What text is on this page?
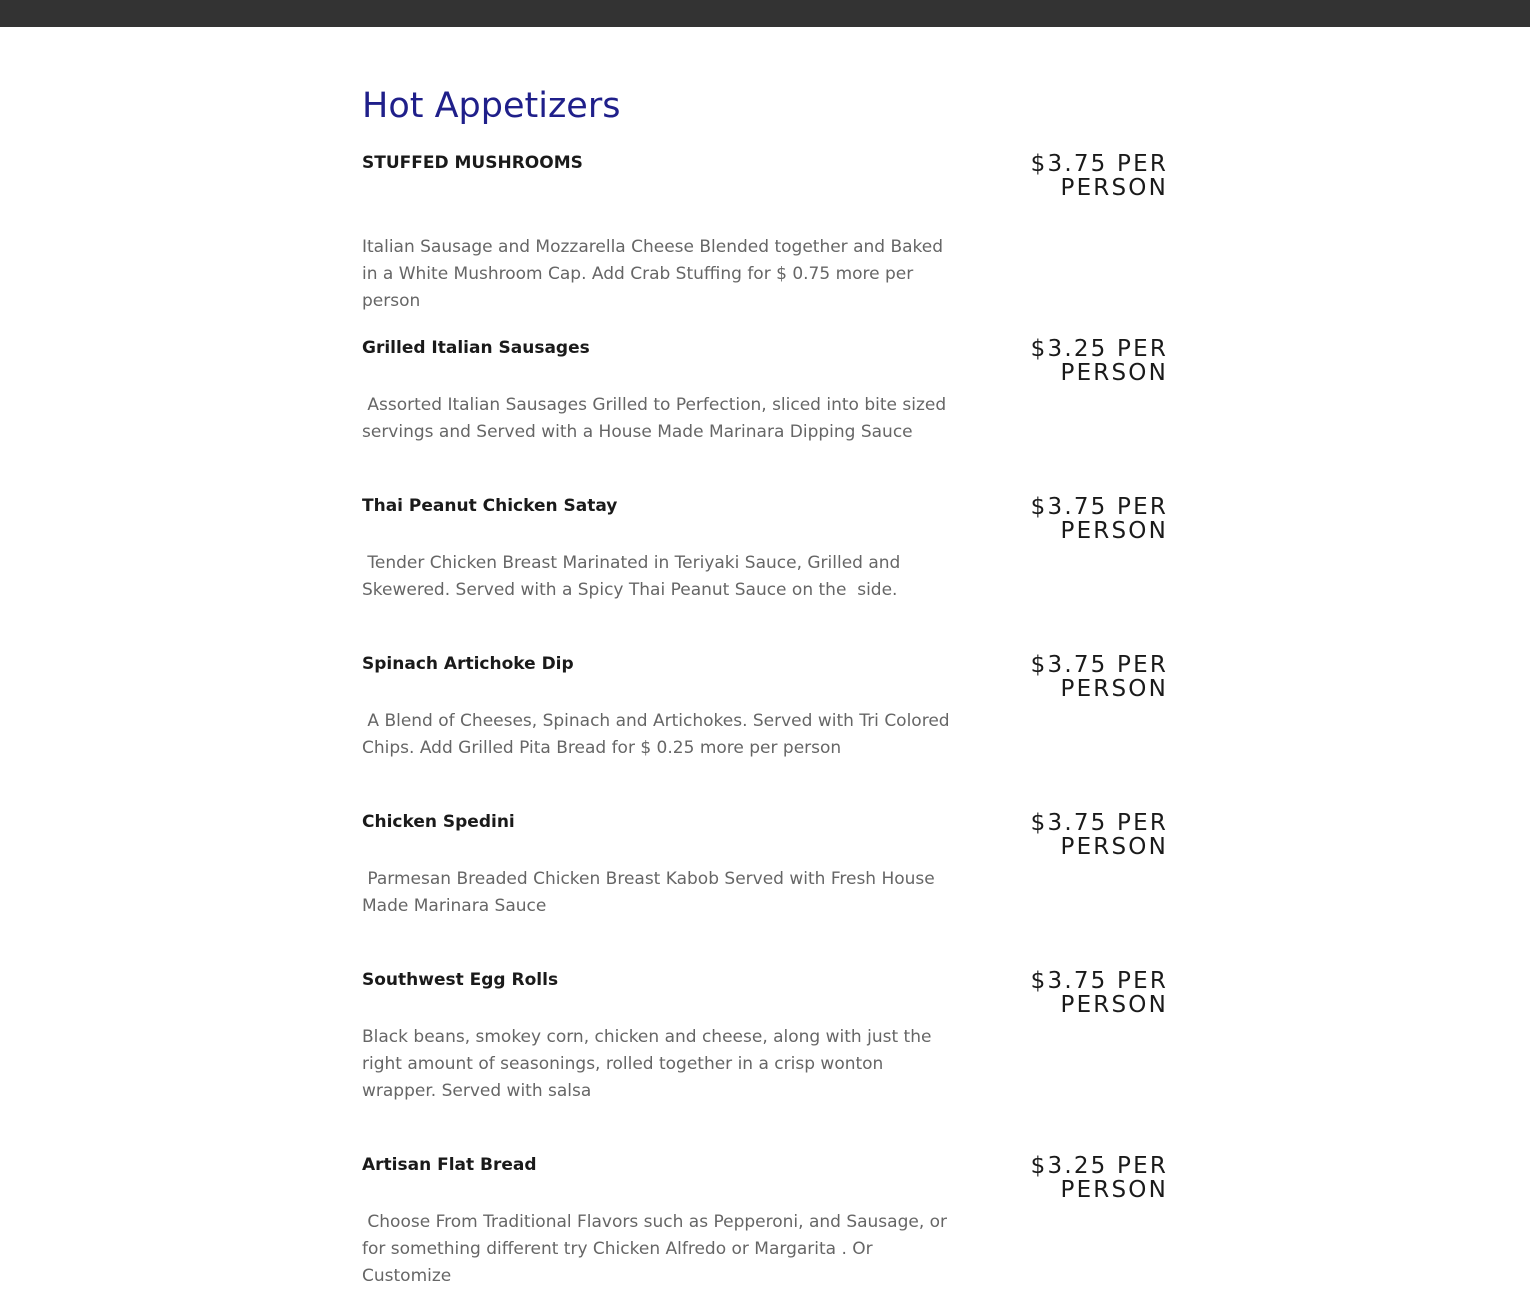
Hot Appetizers
STUFFED MUSHROOMS	$3.75 PER
PERSON
Italian Sausage and Mozzarella Cheese Blended together and Baked  in a White Mushroom Cap. Add Crab Stuffing for $ 0.75 more per person
Grilled Italian Sausages	$3.25 PER
PERSON
Assorted Italian Sausages Grilled to Perfection, sliced into bite sized servings and Served with a House Made Marinara Dipping Sauce
Thai Peanut Chicken Satay	$3.75 PER
PERSON
Tender Chicken Breast Marinated in Teriyaki Sauce, Grilled and Skewered. Served with a Spicy Thai Peanut Sauce on the  side.
Spinach Artichoke Dip	$3.75 PER
PERSON
A Blend of Cheeses, Spinach and Artichokes. Served with Tri Colored Chips. Add Grilled Pita Bread for $ 0.25 more per person
Chicken Spedini	$3.75 PER
PERSON
Parmesan Breaded Chicken Breast Kabob Served with Fresh House Made Marinara Sauce
Southwest Egg Rolls	$3.75 PER
PERSON
Black beans, smokey corn, chicken and cheese, along with just the right amount of seasonings, rolled together in a crisp wonton wrapper. Served with salsa
Artisan Flat Bread	$3.25 PER
PERSON
Choose From Traditional Flavors such as Pepperoni, and Sausage, or for something different try Chicken Alfredo or Margarita . Or Customize
